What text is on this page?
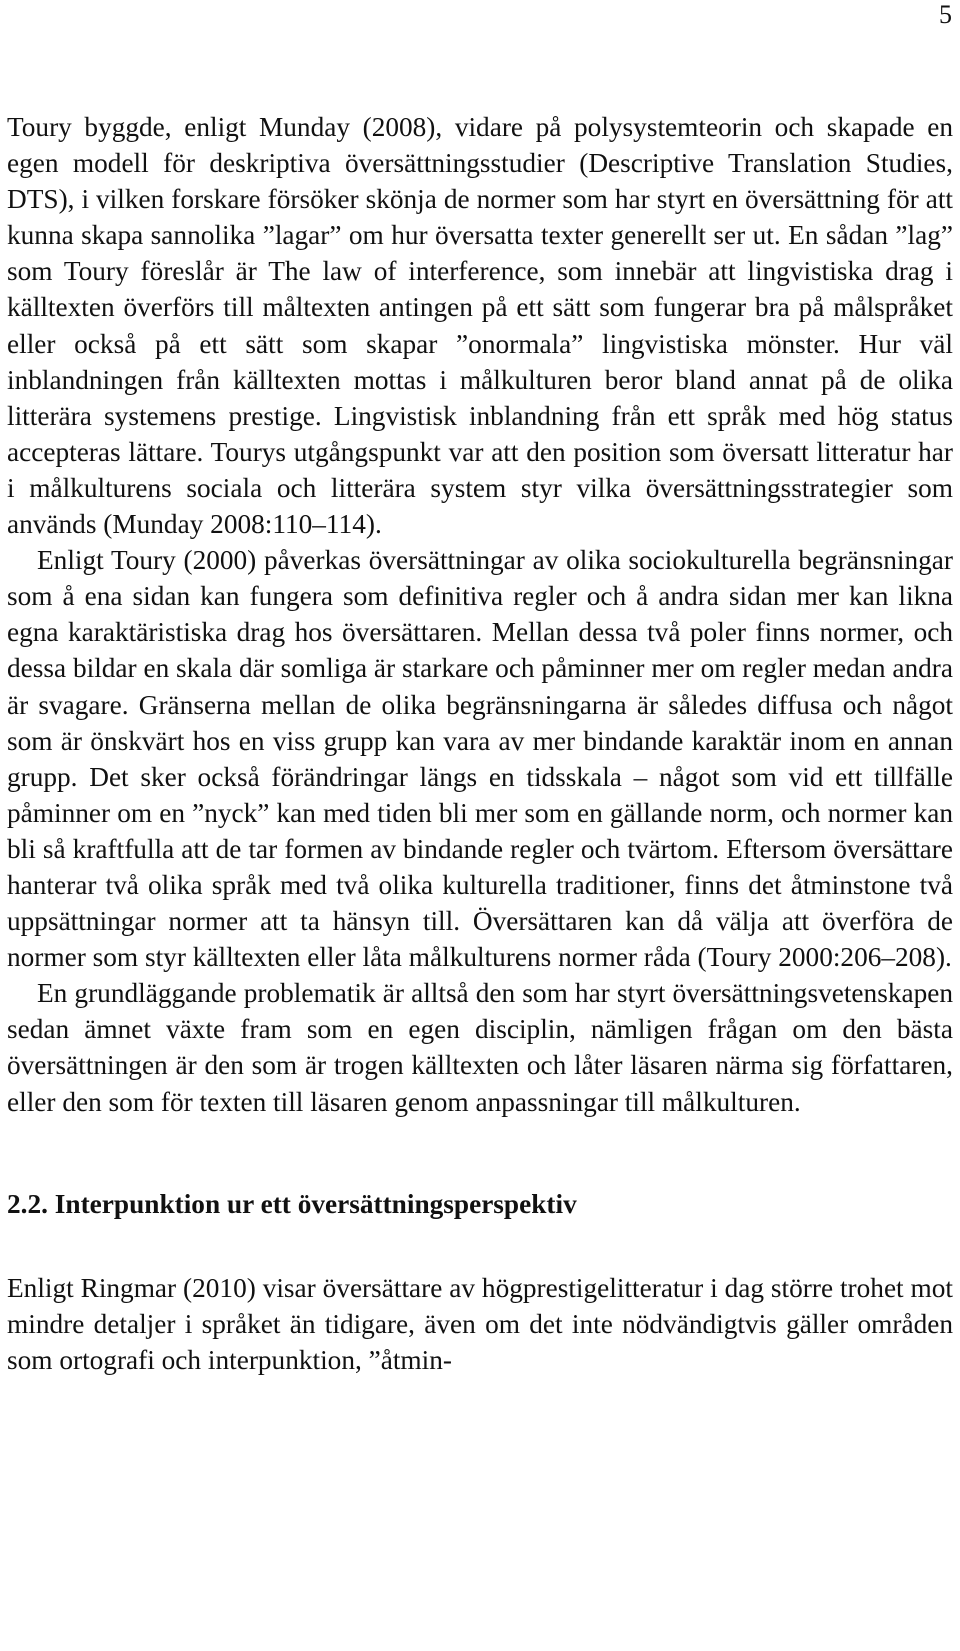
5

Toury byggde, enligt Munday (2008), vidare på polysystemteorin och skapade en egen modell för deskriptiva översättningsstudier (Descriptive Translation Studies, DTS), i vilken forskare försöker skönja de normer som har styrt en översättning för att kunna skapa sannolika ”lagar” om hur översatta texter generellt ser ut. En sådan ”lag” som Toury föreslår är The law of interference, som innebär att lingvistiska drag i källtexten överförs till måltexten antingen på ett sätt som fungerar bra på målspråket eller också på ett sätt som skapar ”onormala” lingvistiska mönster. Hur väl inblandningen från källtexten mottas i målkulturen beror bland annat på de olika litterära systemens prestige. Lingvistisk inblandning från ett språk med hög status accepteras lättare. Tourys utgångspunkt var att den position som översatt litteratur har i målkulturens sociala och litterära system styr vilka översättningsstrategier som används (Munday 2008:110–114).

Enligt Toury (2000) påverkas översättningar av olika sociokulturella begränsningar som å ena sidan kan fungera som definitiva regler och å andra sidan mer kan likna egna karaktäristiska drag hos översättaren. Mellan dessa två poler finns normer, och dessa bildar en skala där somliga är starkare och påminner mer om regler medan andra är svagare. Gränserna mellan de olika begränsningarna är således diffusa och något som är önskvärt hos en viss grupp kan vara av mer bindande karaktär inom en annan grupp. Det sker också förändringar längs en tidsskala – något som vid ett tillfälle påminner om en ”nyck” kan med tiden bli mer som en gällande norm, och normer kan bli så kraftfulla att de tar formen av bindande regler och tvärtom. Eftersom översättare hanterar två olika språk med två olika kulturella traditioner, finns det åtminstone två uppsättningar normer att ta hänsyn till. Översättaren kan då välja att överföra de normer som styr källtexten eller låta målkulturens normer råda (Toury 2000:206–208).

En grundläggande problematik är alltså den som har styrt översättningsvetenskapen sedan ämnet växte fram som en egen disciplin, nämligen frågan om den bästa översättningen är den som är trogen källtexten och låter läsaren närma sig författaren, eller den som för texten till läsaren genom anpassningar till målkulturen.

2.2. Interpunktion ur ett översättningsperspektiv

Enligt Ringmar (2010) visar översättare av högprestigelitteratur i dag större trohet mot mindre detaljer i språket än tidigare, även om det inte nödvändigtvis gäller områden som ortografi och interpunktion, ”åtmin-
